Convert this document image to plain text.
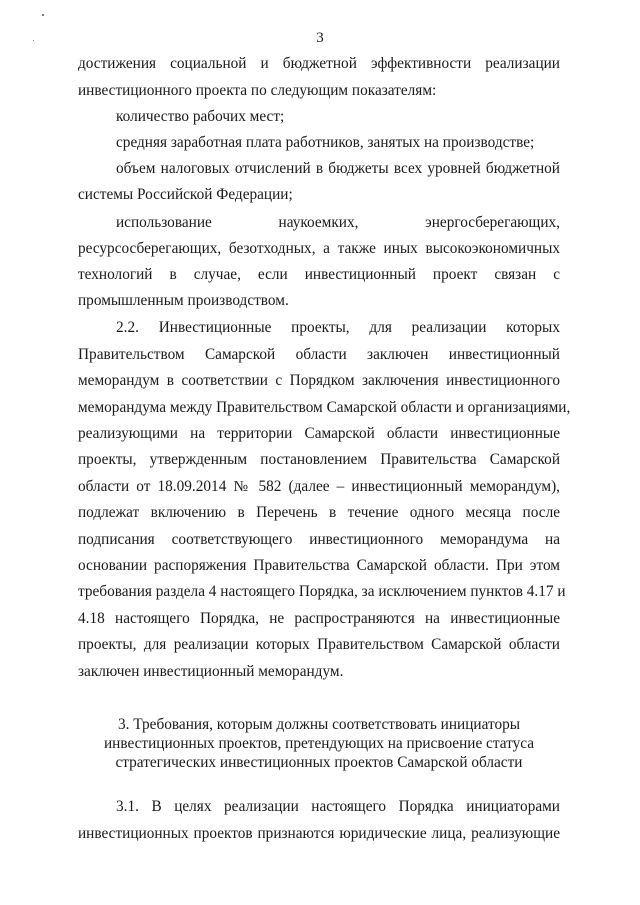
3
достижения социальной и бюджетной эффективности реализации
инвестиционного проекта по следующим показателям:
количество рабочих мест;
средняя заработная плата работников, занятых на производстве;
объем налоговых отчислений в бюджеты всех уровней бюджетной
системы Российской Федерации;
использование наукоемких, энергосберегающих,
ресурсосберегающих, безотходных, а также иных высокоэкономичных
технологий в случае, если инвестиционный проект связан с
промышленным производством.
2.2. Инвестиционные проекты, для реализации которых
Правительством Самарской области заключен инвестиционный
меморандум в соответствии с Порядком заключения инвестиционного
меморандума между Правительством Самарской области и организациями,
реализующими на территории Самарской области инвестиционные
проекты, утвержденным постановлением Правительства Самарской
области от 18.09.2014 № 582 (далее – инвестиционный меморандум),
подлежат включению в Перечень в течение одного месяца после
подписания соответствующего инвестиционного меморандума на
основании распоряжения Правительства Самарской области. При этом
требования раздела 4 настоящего Порядка, за исключением пунктов 4.17 и
4.18 настоящего Порядка, не распространяются на инвестиционные
проекты, для реализации которых Правительством Самарской области
заключен инвестиционный меморандум.
3. Требования, которым должны соответствовать инициаторы
инвестиционных проектов, претендующих на присвоение статуса
стратегических инвестиционных проектов Самарской области
3.1. В целях реализации настоящего Порядка инициаторами
инвестиционных проектов признаются юридические лица, реализующие
